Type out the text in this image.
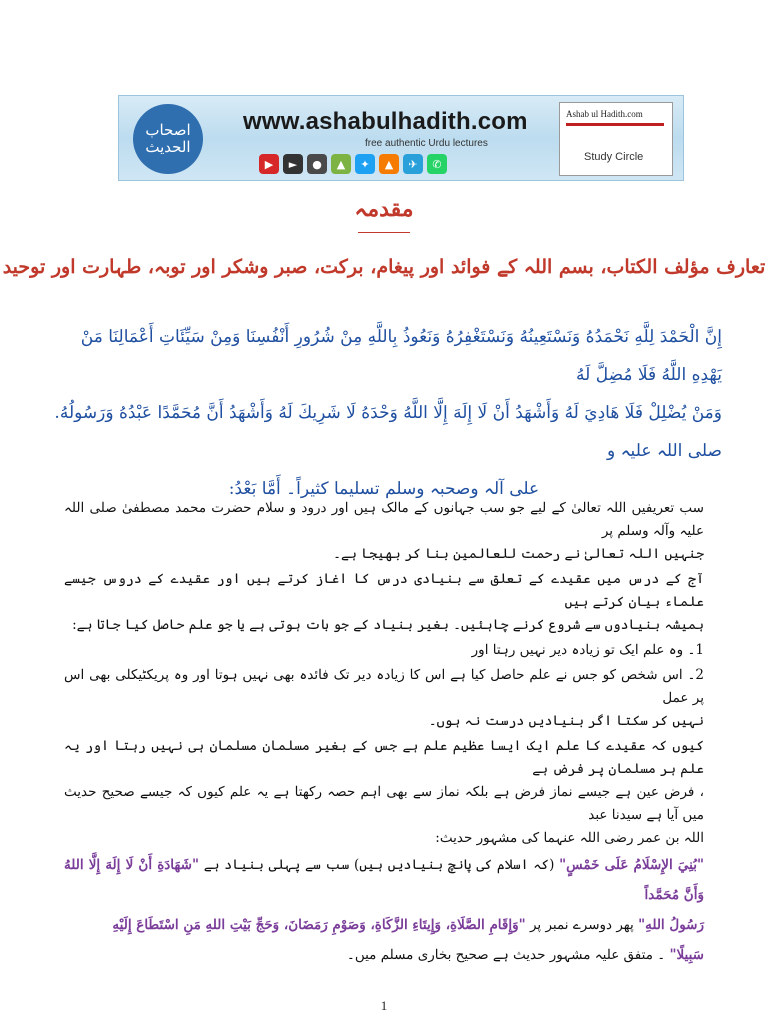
اصحاب الحدیث
www.ashabulhadith.com
free authentic Urdu lectures
▶	►	●	▲	✦	▲	✈	✆
Ashab ul Hadith.com
Study Circle
مقدمہ
تعارف مؤلف الکتاب، بسم اللہ کے فوائد اور پیغام، برکت، صبر وشکر اور توبہ، طہارت اور توحید

إِنَّ الْحَمْدَ لِلَّهِ نَحْمَدُهُ وَنَسْتَعِينُهُ وَنَسْتَغْفِرُهُ وَنَعُوذُ بِاللَّهِ مِنْ شُرُورِ أَنْفُسِنَا وَمِنْ سَيِّئَاتِ أَعْمَالِنَا مَنْ يَهْدِهِ اللَّهُ فَلَا مُضِلَّ لَهُ

وَمَنْ يُضْلِلْ فَلَا هَادِيَ لَهُ وَأَشْهَدُ أَنْ لَا إِلَهَ إِلَّا اللَّهُ وَحْدَهُ لَا شَرِيكَ لَهُ وَأَشْهَدُ أَنَّ مُحَمَّدًا عَبْدُهُ وَرَسُولُهُ. صلی اللہ علیہ و

علی آلہ وصحبہ وسلم تسلیما کثیراً۔ أَمَّا بَعْدُ:

سب تعریفیں اللہ تعالیٰ کے لیے جو سب جہانوں کے مالک ہیں اور درود و سلام حضرت محمد مصطفیٰ صلی اللہ علیہ وآلہ وسلم پر

جنہیں اللہ تعالیٰ نے رحمت للعالمین بنا کر بھیجا ہے۔

آج کے درس میں عقیدے کے تعلق سے بنیادی درس کا اغاز کرتے ہیں اور عقیدے کے دروس جیسے علماء بیان کرتے ہیں

ہمیشہ بنیادوں سے شروع کرنے چاہئیں۔ بغیر بنیاد کے جو بات ہوتی ہے یا جو علم حاصل کیا جاتا ہے:

1۔ وہ علم ایک تو زیادہ دیر نہیں رہتا اور

2۔ اس شخص کو جس نے علم حاصل کیا ہے اس کا زیادہ دیر تک فائدہ بھی نہیں ہوتا اور وہ پریکٹیکلی بھی اس پر عمل

نہیں کر سکتا اگر بنیادیں درست نہ ہوں۔

کیوں کہ عقیدے کا علم ایک ایسا عظیم علم ہے جس کے بغیر مسلمان مسلمان ہی نہیں رہتا اور یہ علم ہر مسلمان پر فرض ہے

، فرض عین ہے جیسے نماز فرض ہے بلکہ نماز سے بھی اہم حصہ رکھتا ہے یہ علم کیوں کہ جیسے صحیح حدیث میں آیا ہے سیدنا عبد

اللہ بن عمر رضی اللہ عنہما کی مشہور حدیث:

"بُنِيَ الإِسْلَامُ عَلَى خَمْسٍ" (کہ اسلام کی پانچ بنیادیں ہیں) سب سے پہلی بنیاد ہے "شَهَادَةِ أَنْ لَا إِلَهَ إِلَّا اللهُ وَأَنَّ مُحَمَّداً

رَسُولُ اللهِ" پھر دوسرے نمبر پر "وَإِقَامِ الصَّلَاةِ، وَإِيتَاءِ الزَّكَاةِ، وَصَوْمِ رَمَضَانَ، وَحَجِّ بَيْتِ اللهِ مَنِ اسْتَطَاعَ إِلَيْهِ

سَبِيلًا" ۔ متفق علیہ مشہور حدیث ہے صحیح بخاری مسلم میں۔

1
